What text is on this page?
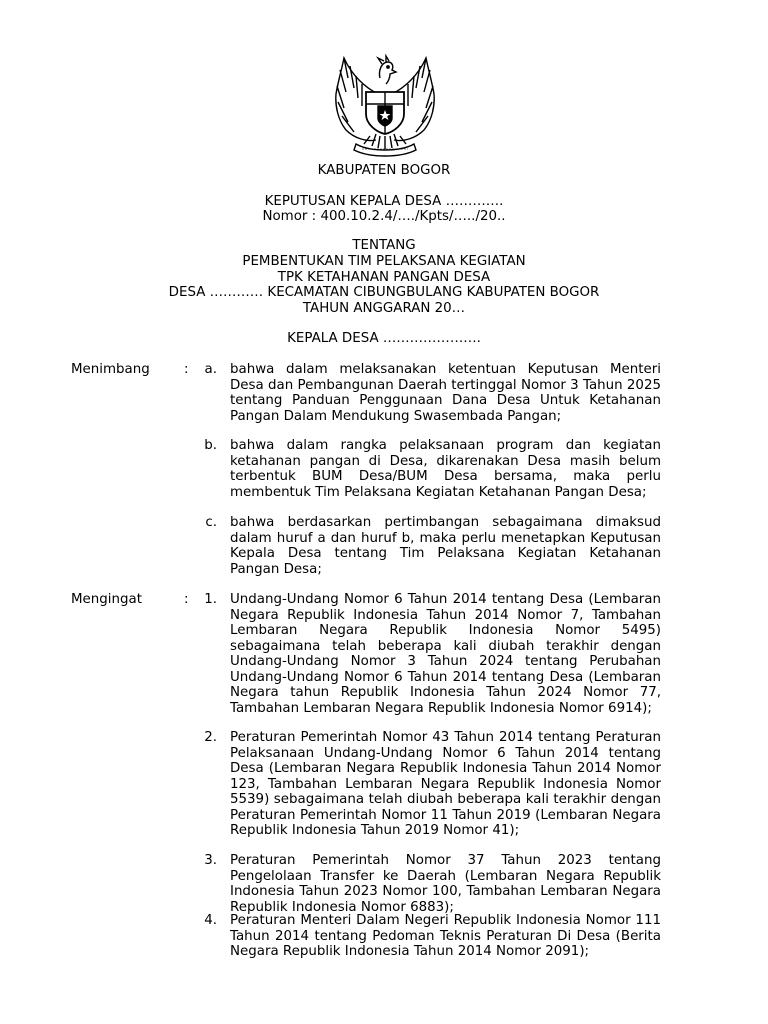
KABUPATEN BOGOR
KEPUTUSAN KEPALA DESA ………….
Nomor : 400.10.2.4/…./Kpts/…../20..
TENTANG
PEMBENTUKAN TIM PELAKSANA KEGIATAN
TPK KETAHANAN PANGAN DESA
DESA ………… KECAMATAN CIBUNGBULANG KABUPATEN BOGOR
TAHUN ANGGARAN 20…
KEPALA DESA ………………….
Menimbang	: a. bahwa dalam melaksanakan ketentuan Keputusan Menteri Desa dan Pembangunan Daerah tertinggal Nomor 3 Tahun 2025 tentang Panduan Penggunaan Dana Desa Untuk Ketahanan Pangan Dalam Mendukung Swasembada Pangan;
b. bahwa dalam rangka pelaksanaan program dan kegiatan ketahanan pangan di Desa, dikarenakan Desa masih belum terbentuk BUM Desa/BUM Desa bersama, maka perlu membentuk Tim Pelaksana Kegiatan Ketahanan Pangan Desa;
c. bahwa berdasarkan pertimbangan sebagaimana dimaksud dalam huruf a dan huruf b, maka perlu menetapkan Keputusan Kepala Desa tentang Tim Pelaksana Kegiatan Ketahanan Pangan Desa;
Mengingat	: 1. Undang-Undang Nomor 6 Tahun 2014 tentang Desa (Lembaran Negara Republik Indonesia Tahun 2014 Nomor 7, Tambahan Lembaran Negara Republik Indonesia Nomor 5495) sebagaimana telah beberapa kali diubah terakhir dengan Undang-Undang Nomor 3 Tahun 2024 tentang Perubahan Undang-Undang Nomor 6 Tahun 2014 tentang Desa (Lembaran Negara tahun Republik Indonesia Tahun 2024 Nomor 77, Tambahan Lembaran Negara Republik Indonesia Nomor 6914);
2. Peraturan Pemerintah Nomor 43 Tahun 2014 tentang Peraturan Pelaksanaan Undang-Undang Nomor 6 Tahun 2014 tentang Desa (Lembaran Negara Republik Indonesia Tahun 2014 Nomor 123, Tambahan Lembaran Negara Republik Indonesia Nomor 5539) sebagaimana telah diubah beberapa kali terakhir dengan Peraturan Pemerintah Nomor 11 Tahun 2019 (Lembaran Negara Republik Indonesia Tahun 2019 Nomor 41);
3. Peraturan Pemerintah Nomor 37 Tahun 2023 tentang Pengelolaan Transfer ke Daerah (Lembaran Negara Republik Indonesia Tahun 2023 Nomor 100, Tambahan Lembaran Negara Republik Indonesia Nomor 6883);
4. Peraturan Menteri Dalam Negeri Republik Indonesia Nomor 111 Tahun 2014 tentang Pedoman Teknis Peraturan Di Desa (Berita Negara Republik Indonesia Tahun 2014 Nomor 2091);
